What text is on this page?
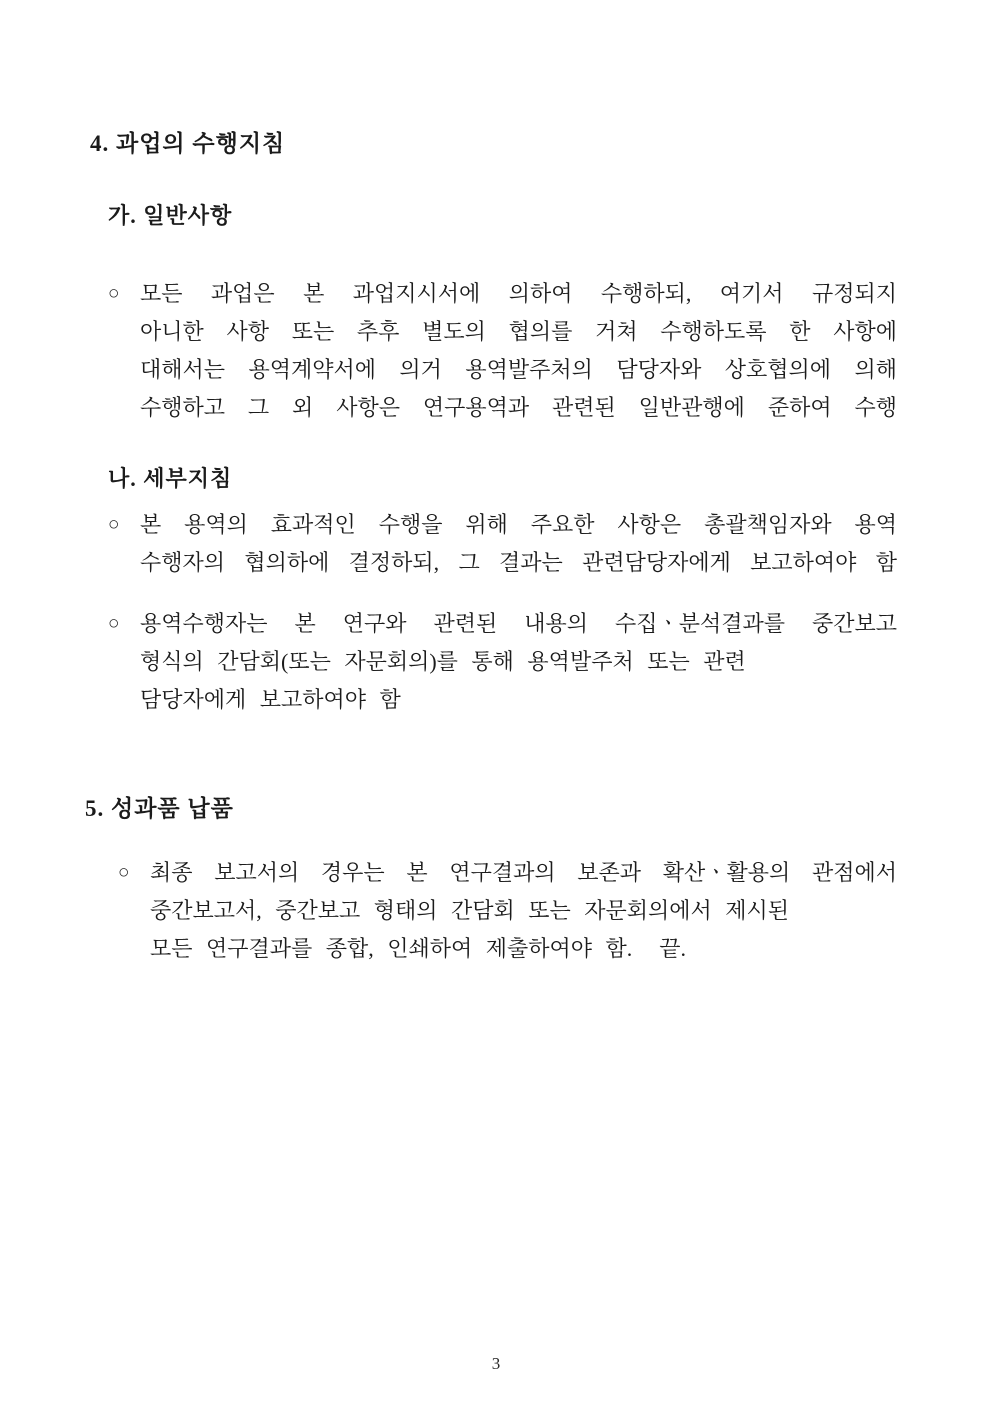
4. 과업의 수행지침
가. 일반사항
○ 모든 과업은 본 과업지시서에 의하여 수행하되, 여기서 규정되지
아니한 사항 또는 추후 별도의 협의를 거쳐 수행하도록 한 사항에
대해서는 용역계약서에 의거 용역발주처의 담당자와 상호협의에 의해
수행하고 그 외 사항은 연구용역과 관련된 일반관행에 준하여 수행
나. 세부지침
○ 본 용역의 효과적인 수행을 위해 주요한 사항은 총괄책임자와 용역
수행자의 협의하에 결정하되, 그 결과는 관련담당자에게 보고하여야 함
○ 용역수행자는 본 연구와 관련된 내용의 수집ㆍ분석결과를 중간보고
형식의 간담회(또는 자문회의)를 통해 용역발주처 또는 관련
담당자에게 보고하여야 함
5. 성과품 납품
○ 최종 보고서의 경우는 본 연구결과의 보존과 확산ㆍ활용의 관점에서
중간보고서, 중간보고 형태의 간담회 또는 자문회의에서 제시된
모든 연구결과를 종합, 인쇄하여 제출하여야 함.  끝.
3
